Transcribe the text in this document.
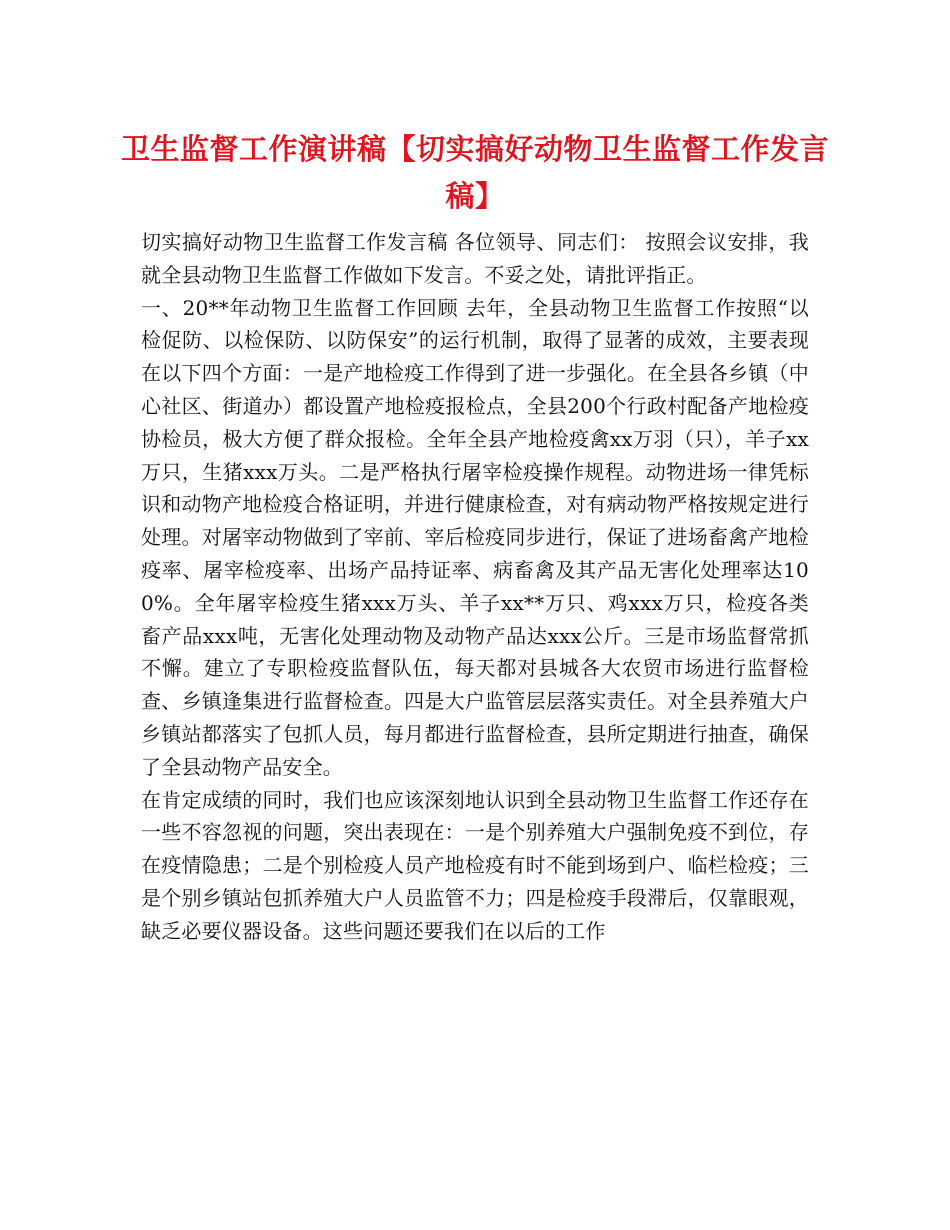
卫生监督工作演讲稿【切实搞好动物卫生监督工作发言稿】

切实搞好动物卫生监督工作发言稿 各位领导、同志们： 按照会议安排，我就全县动物卫生监督工作做如下发言。不妥之处，请批评指正。

一、20**年动物卫生监督工作回顾 去年，全县动物卫生监督工作按照“以检促防、以检保防、以防保安”的运行机制，取得了显著的成效，主要表现在以下四个方面：一是产地检疫工作得到了进一步强化。在全县各乡镇（中心社区、街道办）都设置产地检疫报检点，全县200个行政村配备产地检疫协检员，极大方便了群众报检。全年全县产地检疫禽xx万羽（只），羊子xx万只，生猪xxx万头。二是严格执行屠宰检疫操作规程。动物进场一律凭标识和动物产地检疫合格证明，并进行健康检查，对有病动物严格按规定进行处理。对屠宰动物做到了宰前、宰后检疫同步进行，保证了进场畜禽产地检疫率、屠宰检疫率、出场产品持证率、病畜禽及其产品无害化处理率达100%。全年屠宰检疫生猪xxx万头、羊子xx**万只、鸡xxx万只，检疫各类畜产品xxx吨，无害化处理动物及动物产品达xxx公斤。三是市场监督常抓不懈。建立了专职检疫监督队伍，每天都对县城各大农贸市场进行监督检查、乡镇逢集进行监督检查。四是大户监管层层落实责任。对全县养殖大户乡镇站都落实了包抓人员，每月都进行监督检查，县所定期进行抽查，确保了全县动物产品安全。

在肯定成绩的同时，我们也应该深刻地认识到全县动物卫生监督工作还存在一些不容忽视的问题，突出表现在：一是个别养殖大户强制免疫不到位，存在疫情隐患；二是个别检疫人员产地检疫有时不能到场到户、临栏检疫；三是个别乡镇站包抓养殖大户人员监管不力；四是检疫手段滞后，仅靠眼观，缺乏必要仪器设备。这些问题还要我们在以后的工作
